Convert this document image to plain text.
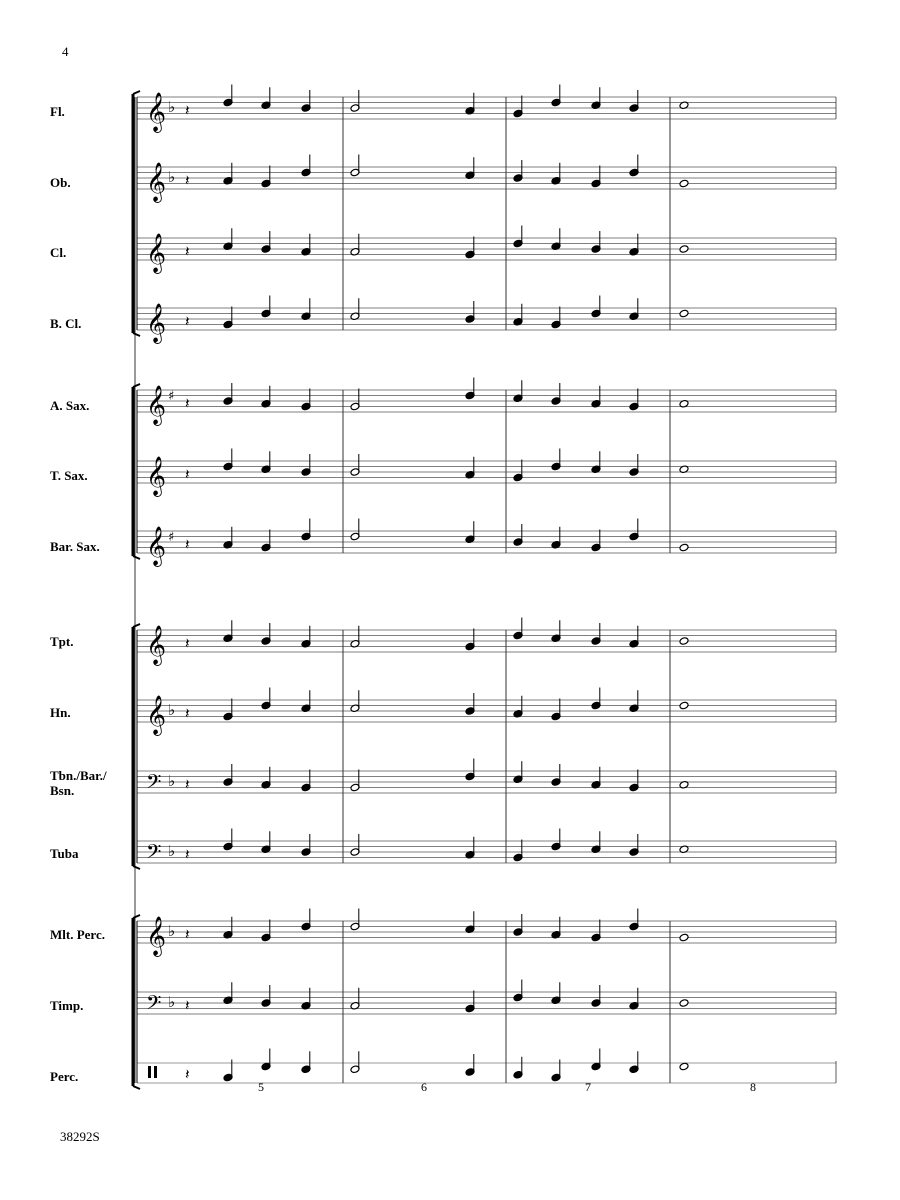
4
Fl.
Ob.
Cl.
B. Cl.
A. Sax.
T. Sax.
Bar. Sax.
Tpt.
Hn.
Tbn./Bar./
Bsn.
Tuba
Mlt. Perc.
Timp.
Perc.
𝄞 ♭ 𝄽
𝄞 ♭ 𝄽
𝄞 𝄽
𝄞 𝄽
𝄞 ♯ 𝄽
𝄞 𝄽
𝄞 ♯ 𝄽
𝄞 𝄽
𝄞 ♭ 𝄽
𝄢 ♭ 𝄽
𝄢 ♭ 𝄽
𝄞 ♭ 𝄽
𝄢 ♭ 𝄽
𝄽
5	6	7	8
38292S
